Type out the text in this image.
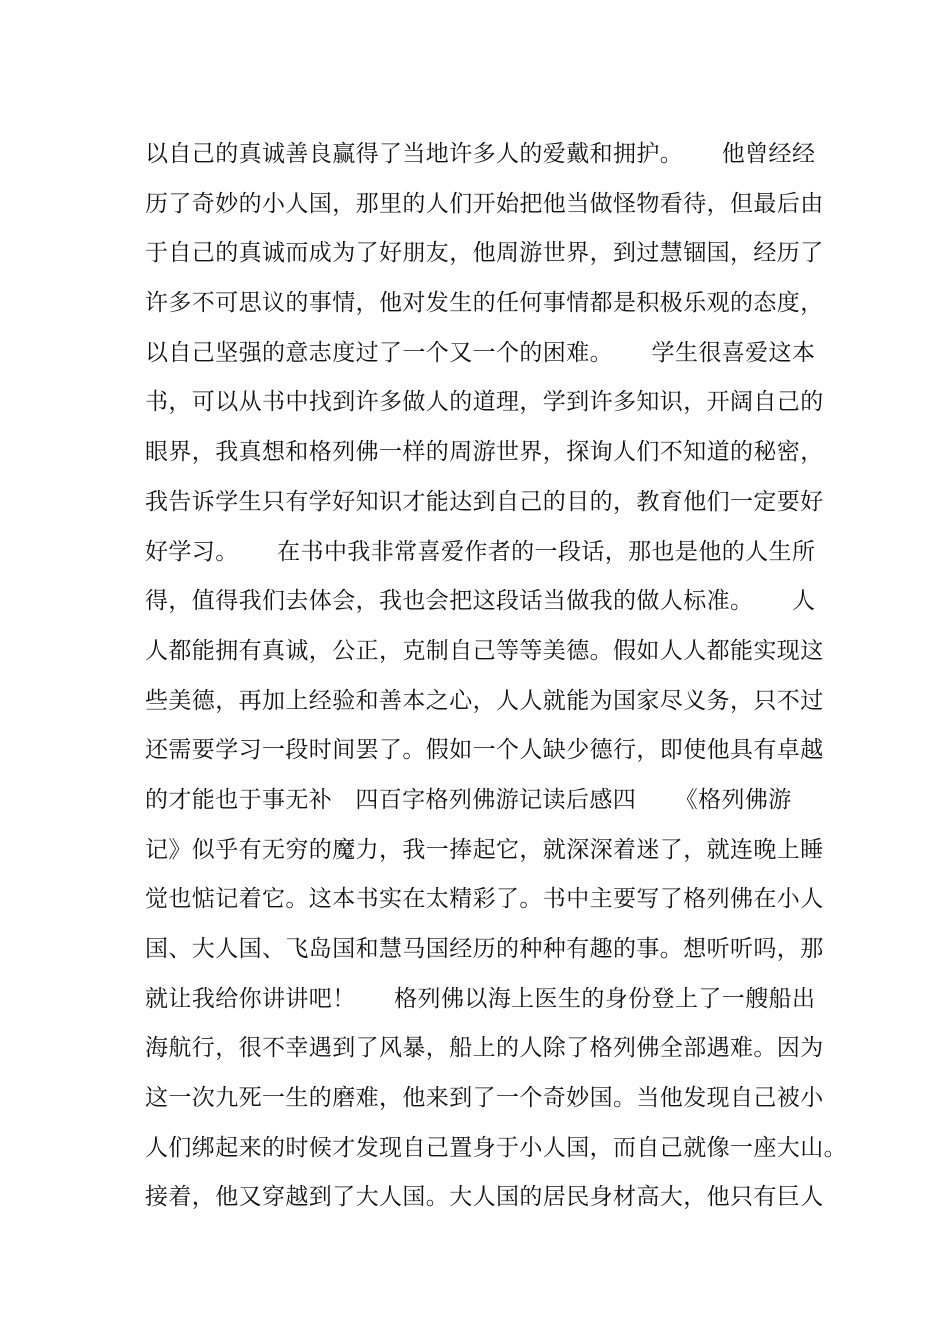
以自己的真诚善良赢得了当地许多人的爱戴和拥护。     他曾经经
历了奇妙的小人国，那里的人们开始把他当做怪物看待，但最后由
于自己的真诚而成为了好朋友，他周游世界，到过慧锢国，经历了
许多不可思议的事情，他对发生的任何事情都是积极乐观的态度，
以自己坚强的意志度过了一个又一个的困难。     学生很喜爱这本
书，可以从书中找到许多做人的道理，学到许多知识，开阔自己的
眼界，我真想和格列佛一样的周游世界，探询人们不知道的秘密，
我告诉学生只有学好知识才能达到自己的目的，教育他们一定要好
好学习。     在书中我非常喜爱作者的一段话，那也是他的人生所
得，值得我们去体会，我也会把这段话当做我的做人标准。     人
人都能拥有真诚，公正，克制自己等等美德。假如人人都能实现这
些美德，再加上经验和善本之心，人人就能为国家尽义务，只不过
还需要学习一段时间罢了。假如一个人缺少德行，即使他具有卓越
的才能也于事无补   四百字格列佛游记读后感四     《格列佛游
记》似乎有无穷的魔力，我一捧起它，就深深着迷了，就连晚上睡
觉也惦记着它。这本书实在太精彩了。书中主要写了格列佛在小人
国、大人国、飞岛国和慧马国经历的种种有趣的事。想听听吗，那
就让我给你讲讲吧！     格列佛以海上医生的身份登上了一艘船出
海航行，很不幸遇到了风暴，船上的人除了格列佛全部遇难。因为
这一次九死一生的磨难，他来到了一个奇妙国。当他发现自己被小
人们绑起来的时候才发现自己置身于小人国，而自己就像一座大山。
接着，他又穿越到了大人国。大人国的居民身材高大，他只有巨人
